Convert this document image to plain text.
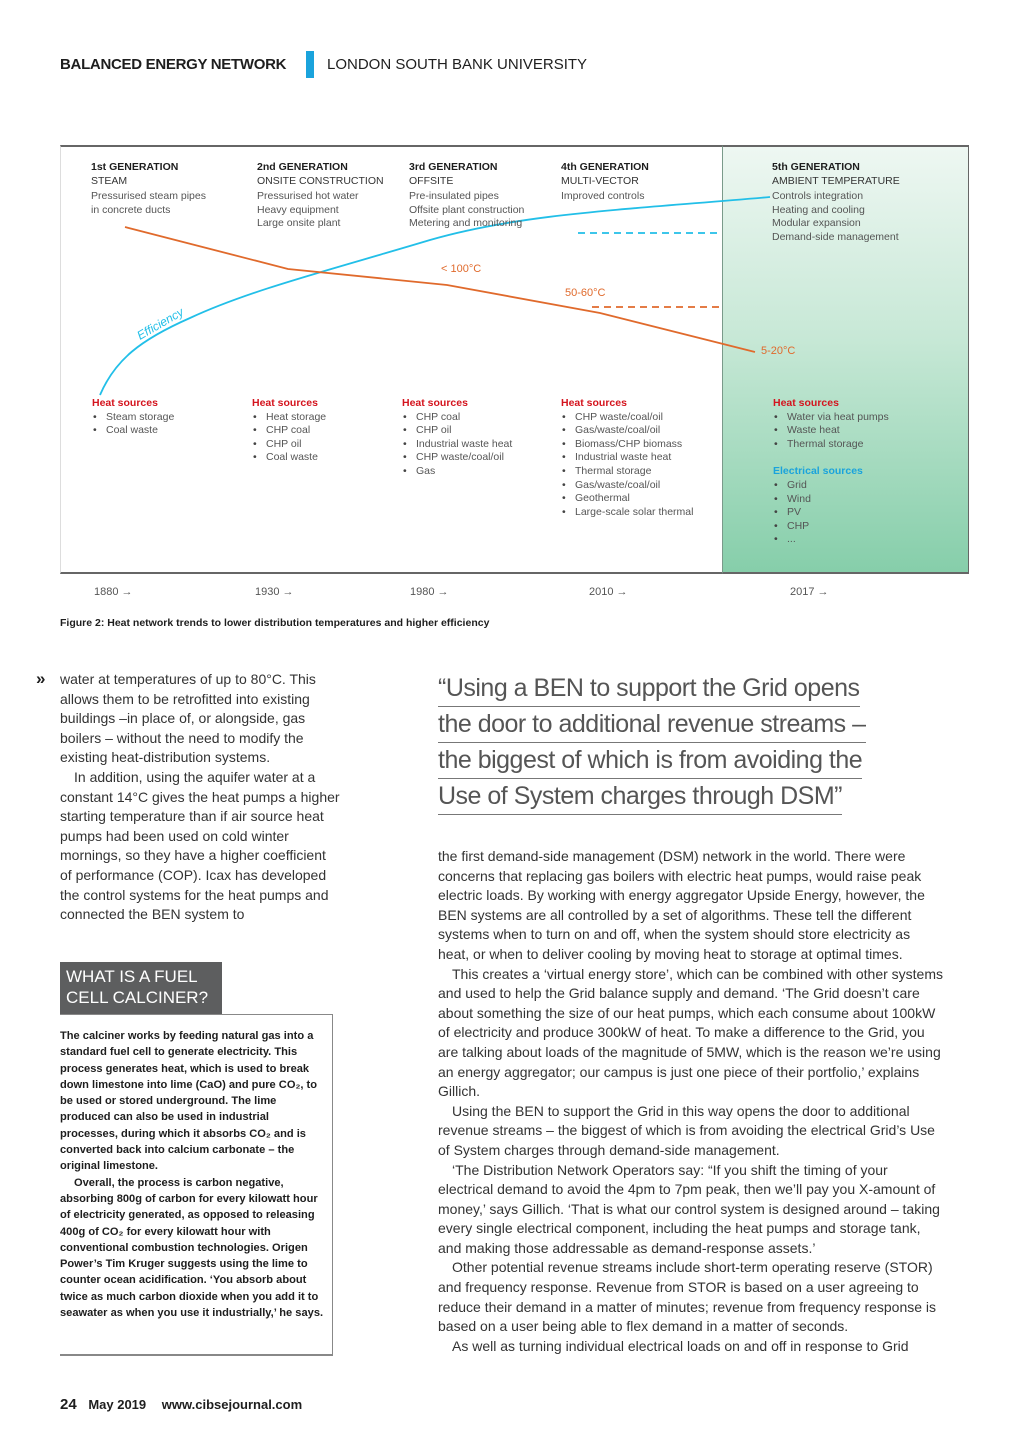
BALANCED ENERGY NETWORK	LONDON SOUTH BANK UNIVERSITY
Efficiency
< 100°C
50-60°C
5-20°C
1st GENERATION
STEAM
Pressurised steam pipes
in concrete ducts
2nd GENERATION
ONSITE CONSTRUCTION
Pressurised hot water
Heavy equipment
Large onsite plant
3rd GENERATION
OFFSITE
Pre-insulated pipes
Offsite plant construction
Metering and monitoring
4th GENERATION
MULTI-VECTOR
Improved controls
5th GENERATION
AMBIENT TEMPERATURE
Controls integration
Heating and cooling
Modular expansion
Demand-side management
Heat sources
• Steam storage
• Coal waste
Heat sources
• Heat storage
• CHP coal
• CHP oil
• Coal waste
Heat sources
• CHP coal
• CHP oil
• Industrial waste heat
• CHP waste/coal/oil
• Gas
Heat sources
• CHP waste/coal/oil
• Gas/waste/coal/oil
• Biomass/CHP biomass
• Industrial waste heat
• Thermal storage
• Gas/waste/coal/oil
• Geothermal
• Large-scale solar thermal
Heat sources
• Water via heat pumps
• Waste heat
• Thermal storage
Electrical sources
• Grid
• Wind
• PV
• CHP
• ...
1880 →	1930 →	1980 →	2010 →	2017 →
Figure 2: Heat network trends to lower distribution temperatures and higher efficiency
» water at temperatures of up to 80°C. This allows them to be retrofitted into existing buildings –in place of, or alongside, gas boilers – without the need to modify the existing heat-distribution systems.
In addition, using the aquifer water at a constant 14°C gives the heat pumps a higher starting temperature than if air source heat pumps had been used on cold winter mornings, so they have a higher coefficient of performance (COP). Icax has developed the control systems for the heat pumps and connected the BEN system to
WHAT IS A FUEL
CELL CALCINER?
The calciner works by feeding natural gas into a standard fuel cell to generate electricity. This process generates heat, which is used to break down limestone into lime (CaO) and pure CO₂, to be used or stored underground. The lime produced can also be used in industrial processes, during which it absorbs CO₂ and is converted back into calcium carbonate – the original limestone.
Overall, the process is carbon negative, absorbing 800g of carbon for every kilowatt hour of electricity generated, as opposed to releasing 400g of CO₂ for every kilowatt hour with conventional combustion technologies. Origen Power’s Tim Kruger suggests using the lime to counter ocean acidification. ‘You absorb about twice as much carbon dioxide when you add it to seawater as when you use it industrially,’ he says.
“Using a BEN to support the Grid opens
the door to additional revenue streams –
the biggest of which is from avoiding the
Use of System charges through DSM”
the first demand-side management (DSM) network in the world. There were concerns that replacing gas boilers with electric heat pumps, would raise peak electric loads. By working with energy aggregator Upside Energy, however, the BEN systems are all controlled by a set of algorithms. These tell the different systems when to turn on and off, when the system should store electricity as heat, or when to deliver cooling by moving heat to storage at optimal times.
This creates a ‘virtual energy store’, which can be combined with other systems and used to help the Grid balance supply and demand. ‘The Grid doesn’t care about something the size of our heat pumps, which each consume about 100kW of electricity and produce 300kW of heat. To make a difference to the Grid, you are talking about loads of the magnitude of 5MW, which is the reason we’re using an energy aggregator; our campus is just one piece of their portfolio,’ explains Gillich.
Using the BEN to support the Grid in this way opens the door to additional revenue streams – the biggest of which is from avoiding the electrical Grid’s Use of System charges through demand-side management.
‘The Distribution Network Operators say: “If you shift the timing of your electrical demand to avoid the 4pm to 7pm peak, then we’ll pay you X-amount of money,’ says Gillich. ‘That is what our control system is designed around – taking every single electrical component, including the heat pumps and storage tank, and making those addressable as demand-response assets.’
Other potential revenue streams include short-term operating reserve (STOR) and frequency response. Revenue from STOR is based on a user agreeing to reduce their demand in a matter of minutes; revenue from frequency response is based on a user being able to flex demand in a matter of seconds.
As well as turning individual electrical loads on and off in response to Grid
24 May 2019 www.cibsejournal.com
